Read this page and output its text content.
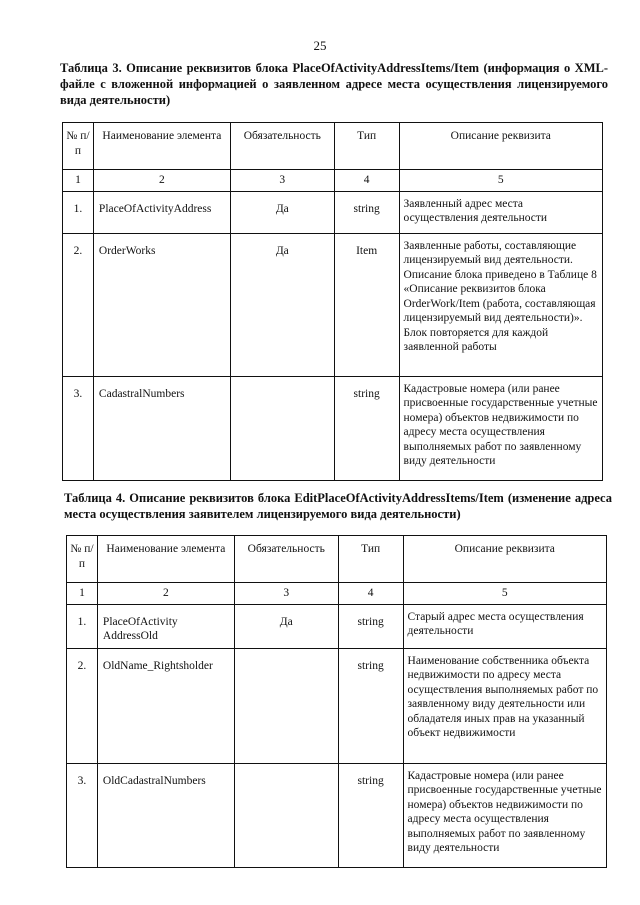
25
Таблица 3. Описание реквизитов блока PlaceOfActivityAddressItems/Item (информация о XML-файле с вложенной информацией о заявленном адресе места осуществления лицензируемого вида деятельности)
№ п/п	Наименование элемента	Обязательность	Тип	Описание реквизита
1	2	3	4	5
1.	PlaceOfActivityAddress	Да	string	Заявленный адрес места осуществления деятельности
2.	OrderWorks	Да	Item	Заявленные работы, составляющие лицензируемый вид деятельности. Описание блока приведено в Таблице 8 «Описание реквизитов блока OrderWork/Item (работа, составляющая лицензируемый вид деятельности)». Блок повторяется для каждой заявленной работы
3.	CadastralNumbers		string	Кадастровые номера (или ранее присвоенные государственные учетные номера) объектов недвижимости по адресу места осуществления выполняемых работ по заявленному виду деятельности
Таблица 4. Описание реквизитов блока EditPlaceOfActivityAddressItems/Item (изменение адреса места осуществления заявителем лицензируемого вида деятельности)
№ п/п	Наименование элемента	Обязательность	Тип	Описание реквизита
1	2	3	4	5
1.	PlaceOfActivity AddressOld	Да	string	Старый адрес места осуществления деятельности
2.	OldName_Rightsholder		string	Наименование собственника объекта недвижимости по адресу места осуществления выполняемых работ по заявленному виду деятельности или обладателя иных прав на указанный объект недвижимости
3.	OldCadastralNumbers		string	Кадастровые номера (или ранее присвоенные государственные учетные номера) объектов недвижимости по адресу места осуществления выполняемых работ по заявленному виду деятельности
